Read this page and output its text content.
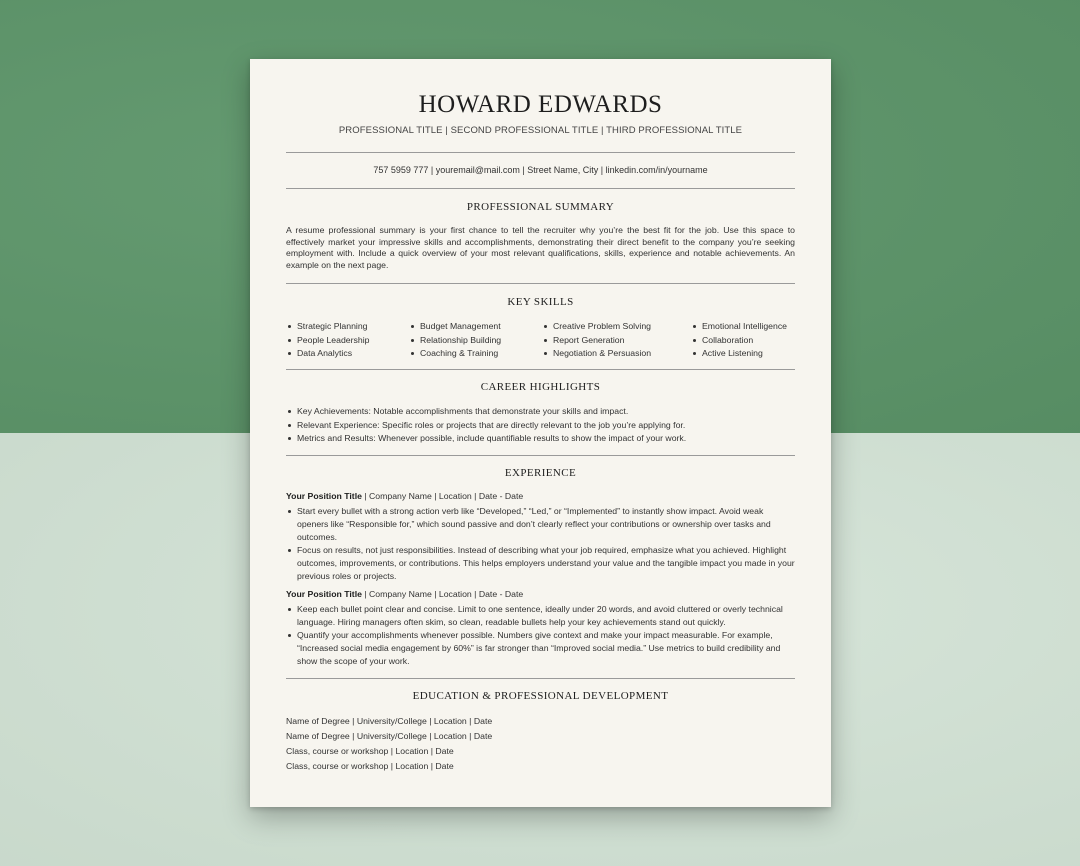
HOWARD EDWARDS
PROFESSIONAL TITLE | SECOND PROFESSIONAL TITLE | THIRD PROFESSIONAL TITLE
757 5959 777 | youremail@mail.com | Street Name, City | linkedin.com/in/yourname
PROFESSIONAL SUMMARY

A resume professional summary is your first chance to tell the recruiter why you’re the best fit for the job. Use this space to effectively market your impressive skills and accomplishments, demonstrating their direct benefit to the company you’re seeking employment with. Include a quick overview of your most relevant qualifications, skills, experience and notable achievements. An example on the next page.

KEY SKILLS
Strategic Planning
People Leadership
Data Analytics
Budget Management
Relationship Building
Coaching & Training
Creative Problem Solving
Report Generation
Negotiation & Persuasion
Emotional Intelligence
Collaboration
Active Listening
CAREER HIGHLIGHTS
Key Achievements: Notable accomplishments that demonstrate your skills and impact.
Relevant Experience: Specific roles or projects that are directly relevant to the job you’re applying for.
Metrics and Results: Whenever possible, include quantifiable results to show the impact of your work.
EXPERIENCE
Your Position Title | Company Name | Location | Date - Date
Start every bullet with a strong action verb like “Developed,” “Led,” or “Implemented” to instantly show impact. Avoid weak openers like “Responsible for,” which sound passive and don’t clearly reflect your contributions or ownership over tasks and outcomes.
Focus on results, not just responsibilities. Instead of describing what your job required, emphasize what you achieved. Highlight outcomes, improvements, or contributions. This helps employers understand your value and the tangible impact you made in your previous roles or projects.
Your Position Title | Company Name | Location | Date - Date
Keep each bullet point clear and concise. Limit to one sentence, ideally under 20 words, and avoid cluttered or overly technical language. Hiring managers often skim, so clean, readable bullets help your key achievements stand out quickly.
Quantify your accomplishments whenever possible. Numbers give context and make your impact measurable. For example, “Increased social media engagement by 60%” is far stronger than “Improved social media.” Use metrics to build credibility and show the scope of your work.
EDUCATION & PROFESSIONAL DEVELOPMENT
Name of Degree | University/College | Location | Date
Name of Degree | University/College | Location | Date
Class, course or workshop | Location | Date
Class, course or workshop | Location | Date
